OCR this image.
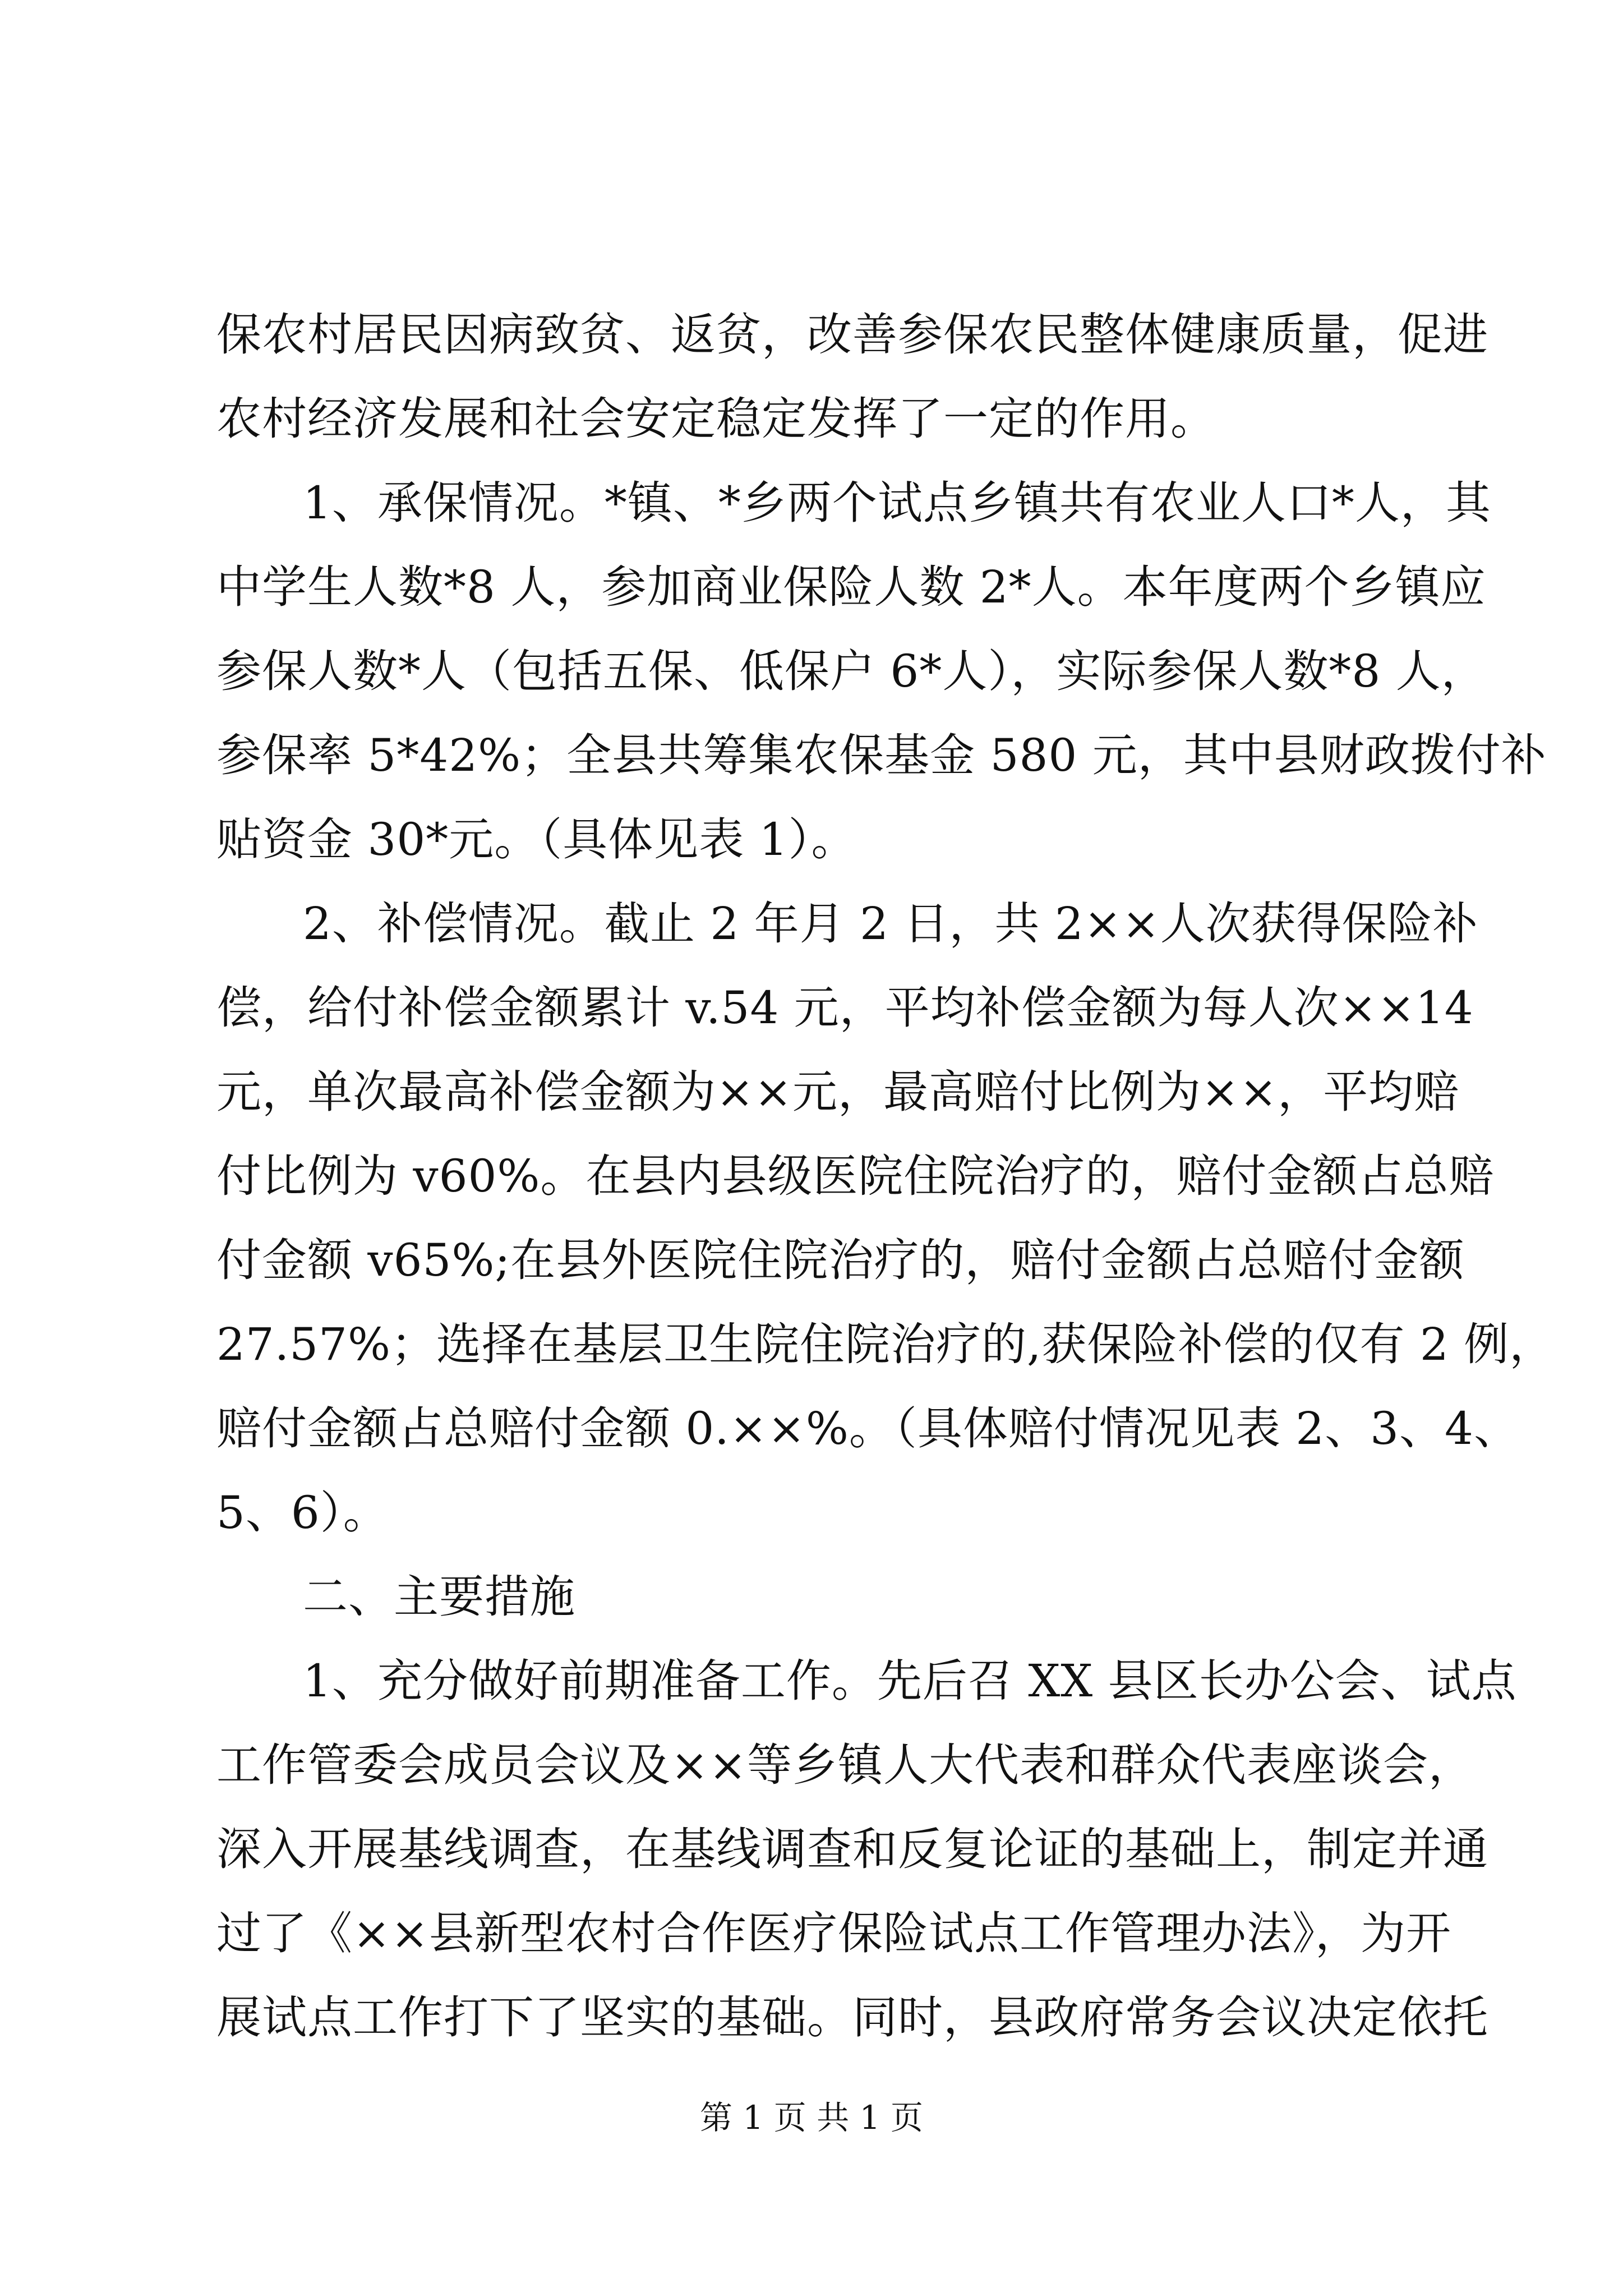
保农村居民因病致贫、返贫，改善参保农民整体健康质量，促进
农村经济发展和社会安定稳定发挥了一定的作用。
1、承保情况。*镇、*乡两个试点乡镇共有农业人口*人，其
中学生人数*8 人，参加商业保险人数 2*人。本年度两个乡镇应
参保人数*人（包括五保、低保户 6*人），实际参保人数*8 人，
参保率 5*42%；全县共筹集农保基金 580 元，其中县财政拨付补
贴资金 30*元。（具体见表 1）。
2、补偿情况。截止 2 年月 2 日，共 2××人次获得保险补
偿，给付补偿金额累计 v.54 元，平均补偿金额为每人次××14
元，单次最高补偿金额为××元，最高赔付比例为××，平均赔
付比例为 v60%。在县内县级医院住院治疗的，赔付金额占总赔
付金额 v65%;在县外医院住院治疗的，赔付金额占总赔付金额
27.57%；选择在基层卫生院住院治疗的,获保险补偿的仅有 2 例，
赔付金额占总赔付金额 0.××%。（具体赔付情况见表 2、3、4、
5、6）。
二、主要措施
1、充分做好前期准备工作。先后召 XX 县区长办公会、试点
工作管委会成员会议及××等乡镇人大代表和群众代表座谈会，
深入开展基线调查，在基线调查和反复论证的基础上，制定并通
过了《××县新型农村合作医疗保险试点工作管理办法》，为开
展试点工作打下了坚实的基础。同时，县政府常务会议决定依托
第 1 页 共 1 页
